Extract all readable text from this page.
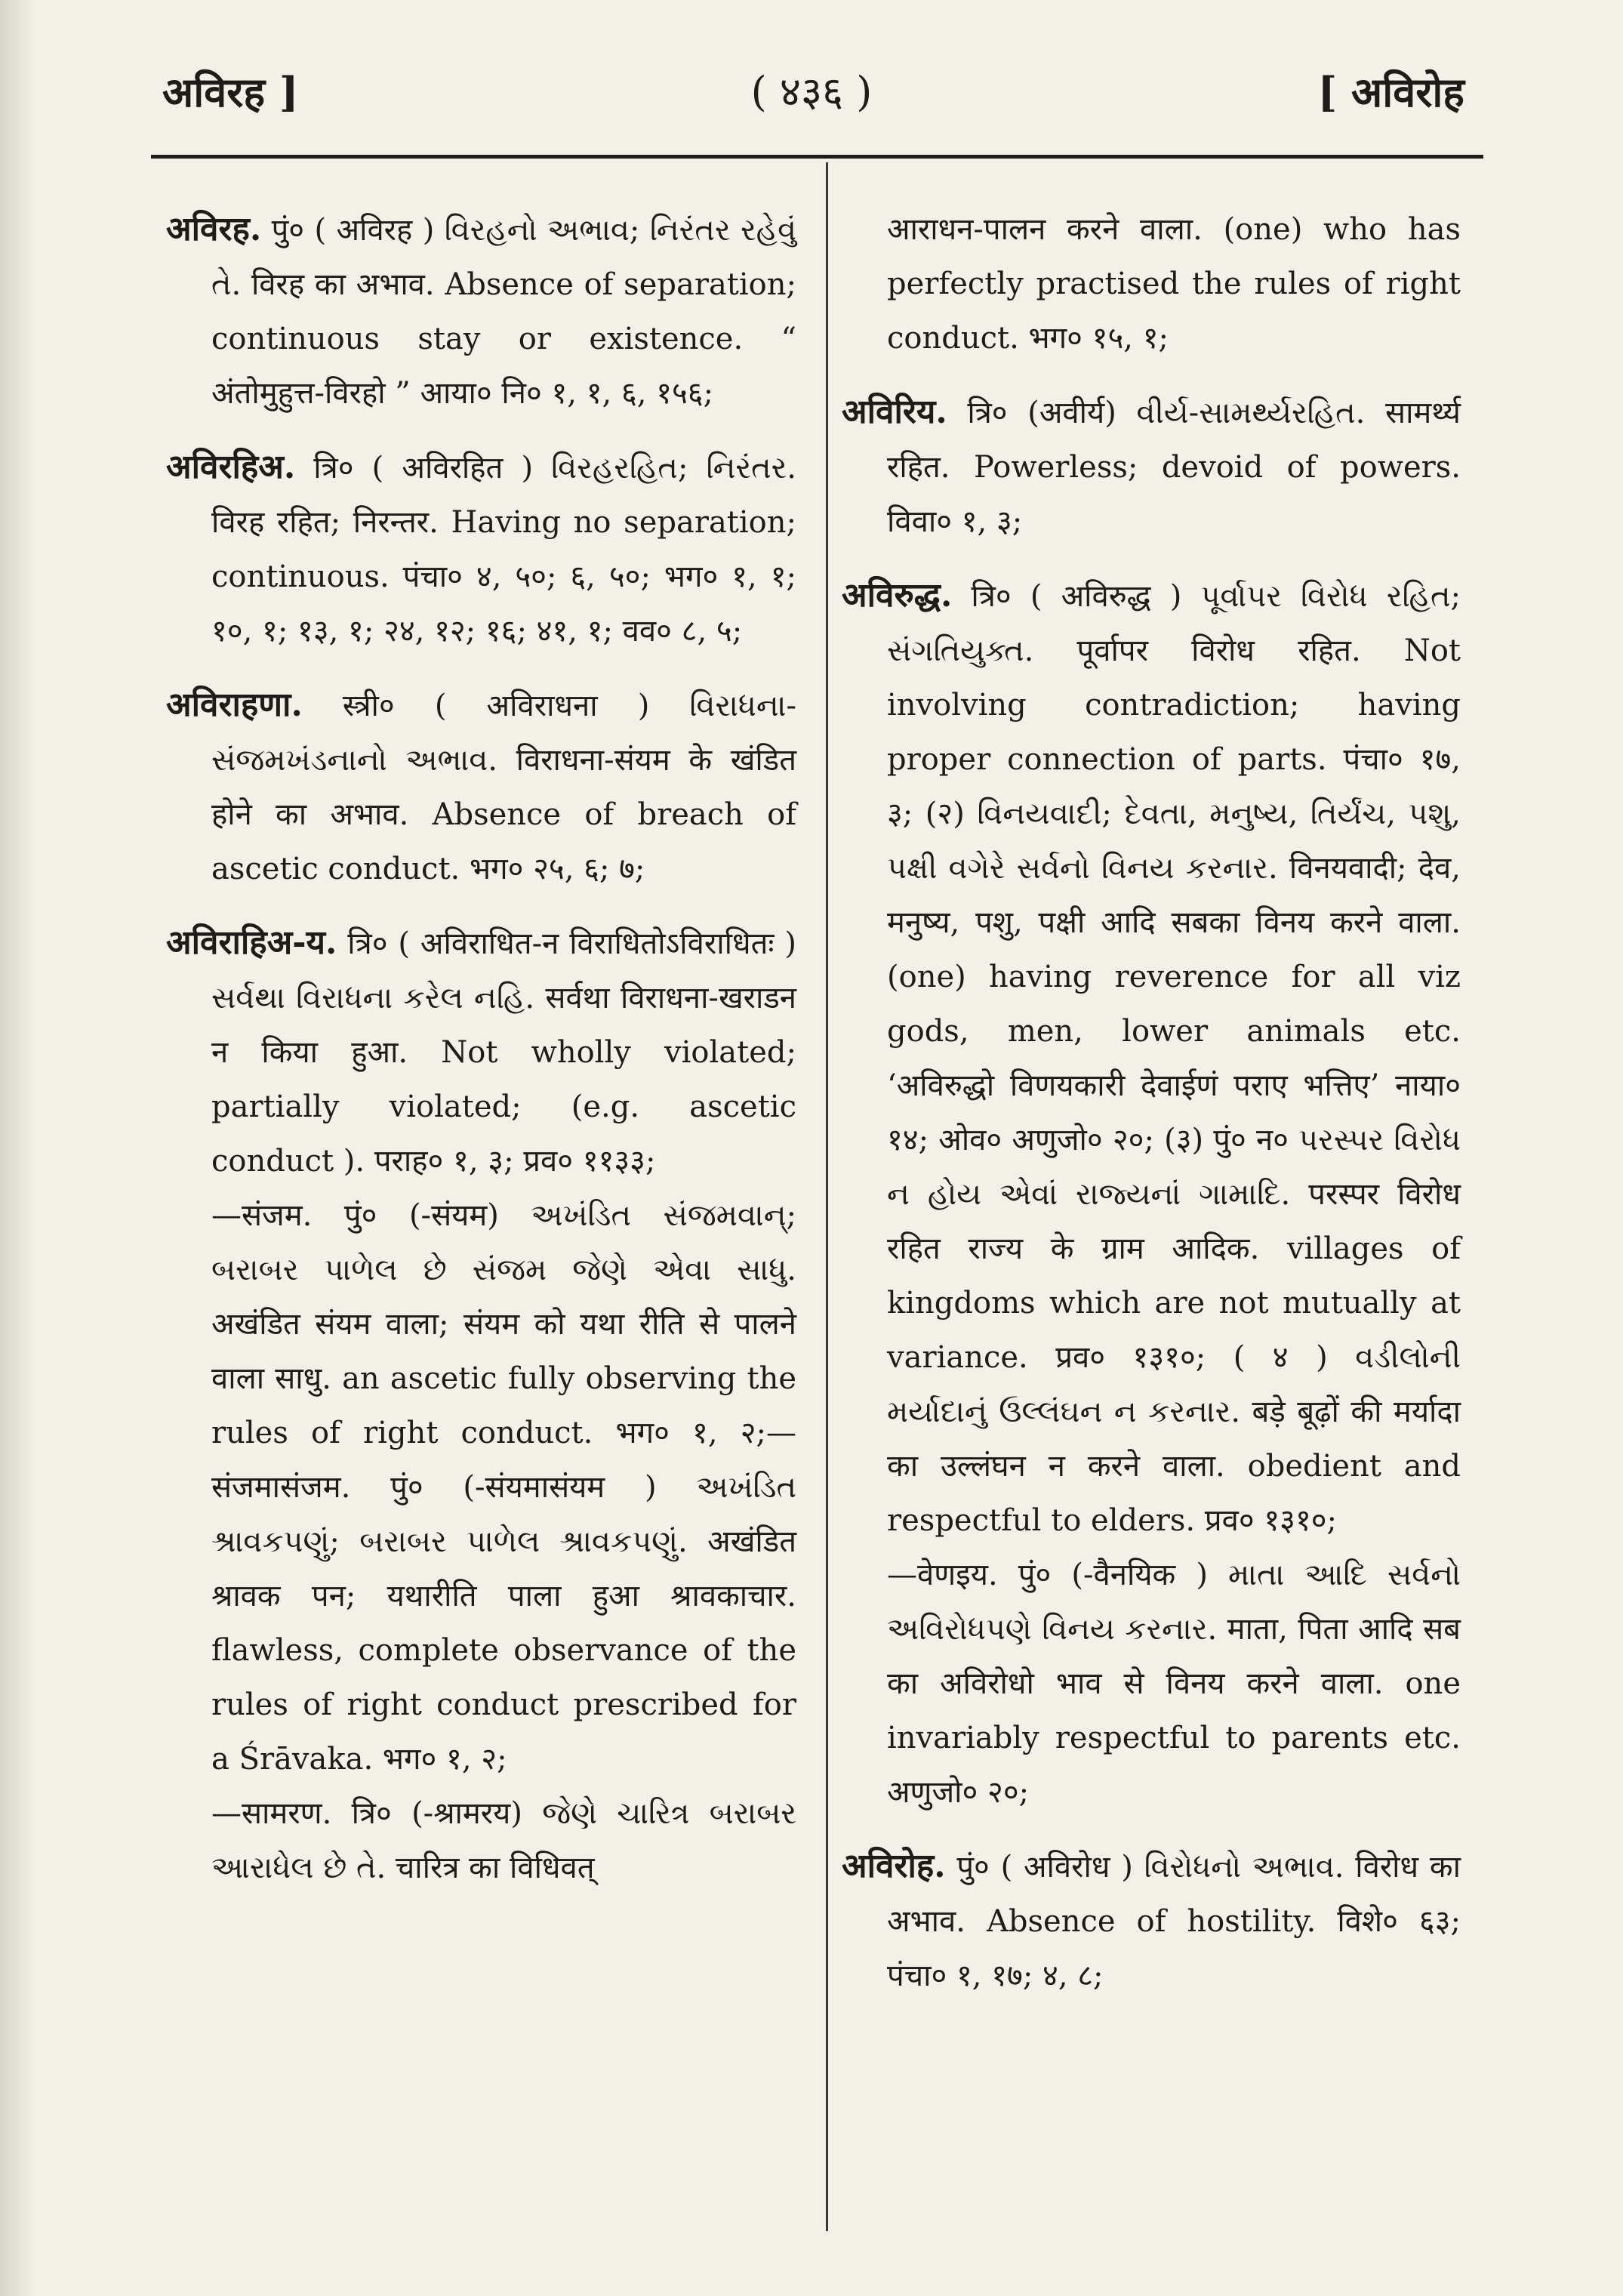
अविरह ]	( ४३६ )	[ अविरोह

अविरह. पुं० ( अविरह ) વિરહનો અભાવ; નિરંતર રહેવું તે. विरह का अभाव. Absence of separation; continuous stay or existence. “ अंतोमुहुत्त-विरहो ” आया० नि० १, १, ६, १५६;

अविरहिअ. त्रि० ( अविरहित ) વિરહરહિત; નિરંતર. विरह रहित; निरन्तर. Having no separation; continuous. पंचा० ४, ५०; ६, ५०; भग० १, १; १०, १; १३, १; २४, १२; १६; ४१, १; वव० ८, ५;

अविराहणा. स्त्री० ( अविराधना ) વિરાધના-સંજમખંડનાનો અભાવ. विराधना-संयम के खंडित होने का अभाव. Absence of breach of ascetic conduct. भग० २५, ६; ७;

अविराहिअ-य. त्रि० ( अविराधित-न विराधितोऽविराधितः ) સર્વથા વિરાધના કરેલ નહિ. सर्वथा विराधना-खराडन न किया हुआ. Not wholly violated; partially violated; (e.g. ascetic conduct ). पराह० १, ३; प्रव० ११३३;

—संजम. पुं० (-संयम) અખંડિત સંજમવાન્; બરાબર પાળેલ છે સંજમ જેણે એવા સાધુ. अखंडित संयम वाला; संयम को यथा रीति से पालने वाला साधु. an ascetic fully observing the rules of right conduct. भग० १, २;—संजमासंजम. पुं० (-संयमासंयम ) અખંડિત શ્રાવકપણું; બરાબર પાળેલ શ્રાવકપણું. अखंडित श्रावक पन; यथारीति पाला हुआ श्रावकाचार. flawless, complete observance of the rules of right conduct prescribed for a Śrāvaka. भग० १, २;

—सामरण. त्रि० (-श्रामरय) જેણે ચારિત્ર બરાબર આરાધેલ છે તે. चारित्र का विधिवत्

आराधन-पालन करने वाला. (one) who has perfectly practised the rules of right conduct. भग० १५, १;

अविरिय. त्रि० (अवीर्य) વીર્ય-સામર્થ્યરહિત. सामर्थ्य रहित. Powerless; devoid of powers. विवा० १, ३;

अविरुद्ध. त्रि० ( अविरुद्ध ) પૂર્વાપર વિરોધ રહિત; સંગતિયુક્ત. पूर्वापर विरोध रहित. Not involving contradiction; having proper connection of parts. पंचा० १७, ३; (२) વિનયવાદી; દેવતા, મનુષ્ય, તિર્યંચ, પશુ, પક્ષી વગેરે સર્વનો વિનય કરનાર. विनयवादी; देव, मनुष्य, पशु, पक्षी आदि सबका विनय करने वाला.(one) having reverence for all viz gods, men, lower animals etc. ‘अविरुद्धो विणयकारी देवाईणं पराए भत्तिए’ नाया० १४; ओव० अणुजो० २०; (३) पुं० न० પરસ્પર વિરોધ ન હોય એવાં રાજ્યનાં ગામાદિ. परस्पर विरोध रहित राज्य के ग्राम आदिक. villages of kingdoms which are not mutually at variance. प्रव० १३१०; ( ४ ) વડીલોની મર્યાદાનું ઉલ્લંઘન ન કરનાર. बड़े बूढ़ों की मर्यादा का उल्लंघन न करने वाला. obedient and respectful to elders. प्रव० १३१०;

—वेणइय. पुं० (-वैनयिक ) માતા આદિ સર્વનો અવિરોધપણે વિનય કરનાર. माता, पिता आदि सब का अविरोधो भाव से विनय करने वाला. one invariably respectful to parents etc. अणुजो० २०;

अविरोह. पुं० ( अविरोध ) વિરોધનો અભાવ. विरोध का अभाव. Absence of hostility. विशे० ६३; पंचा० १, १७; ४, ८;
